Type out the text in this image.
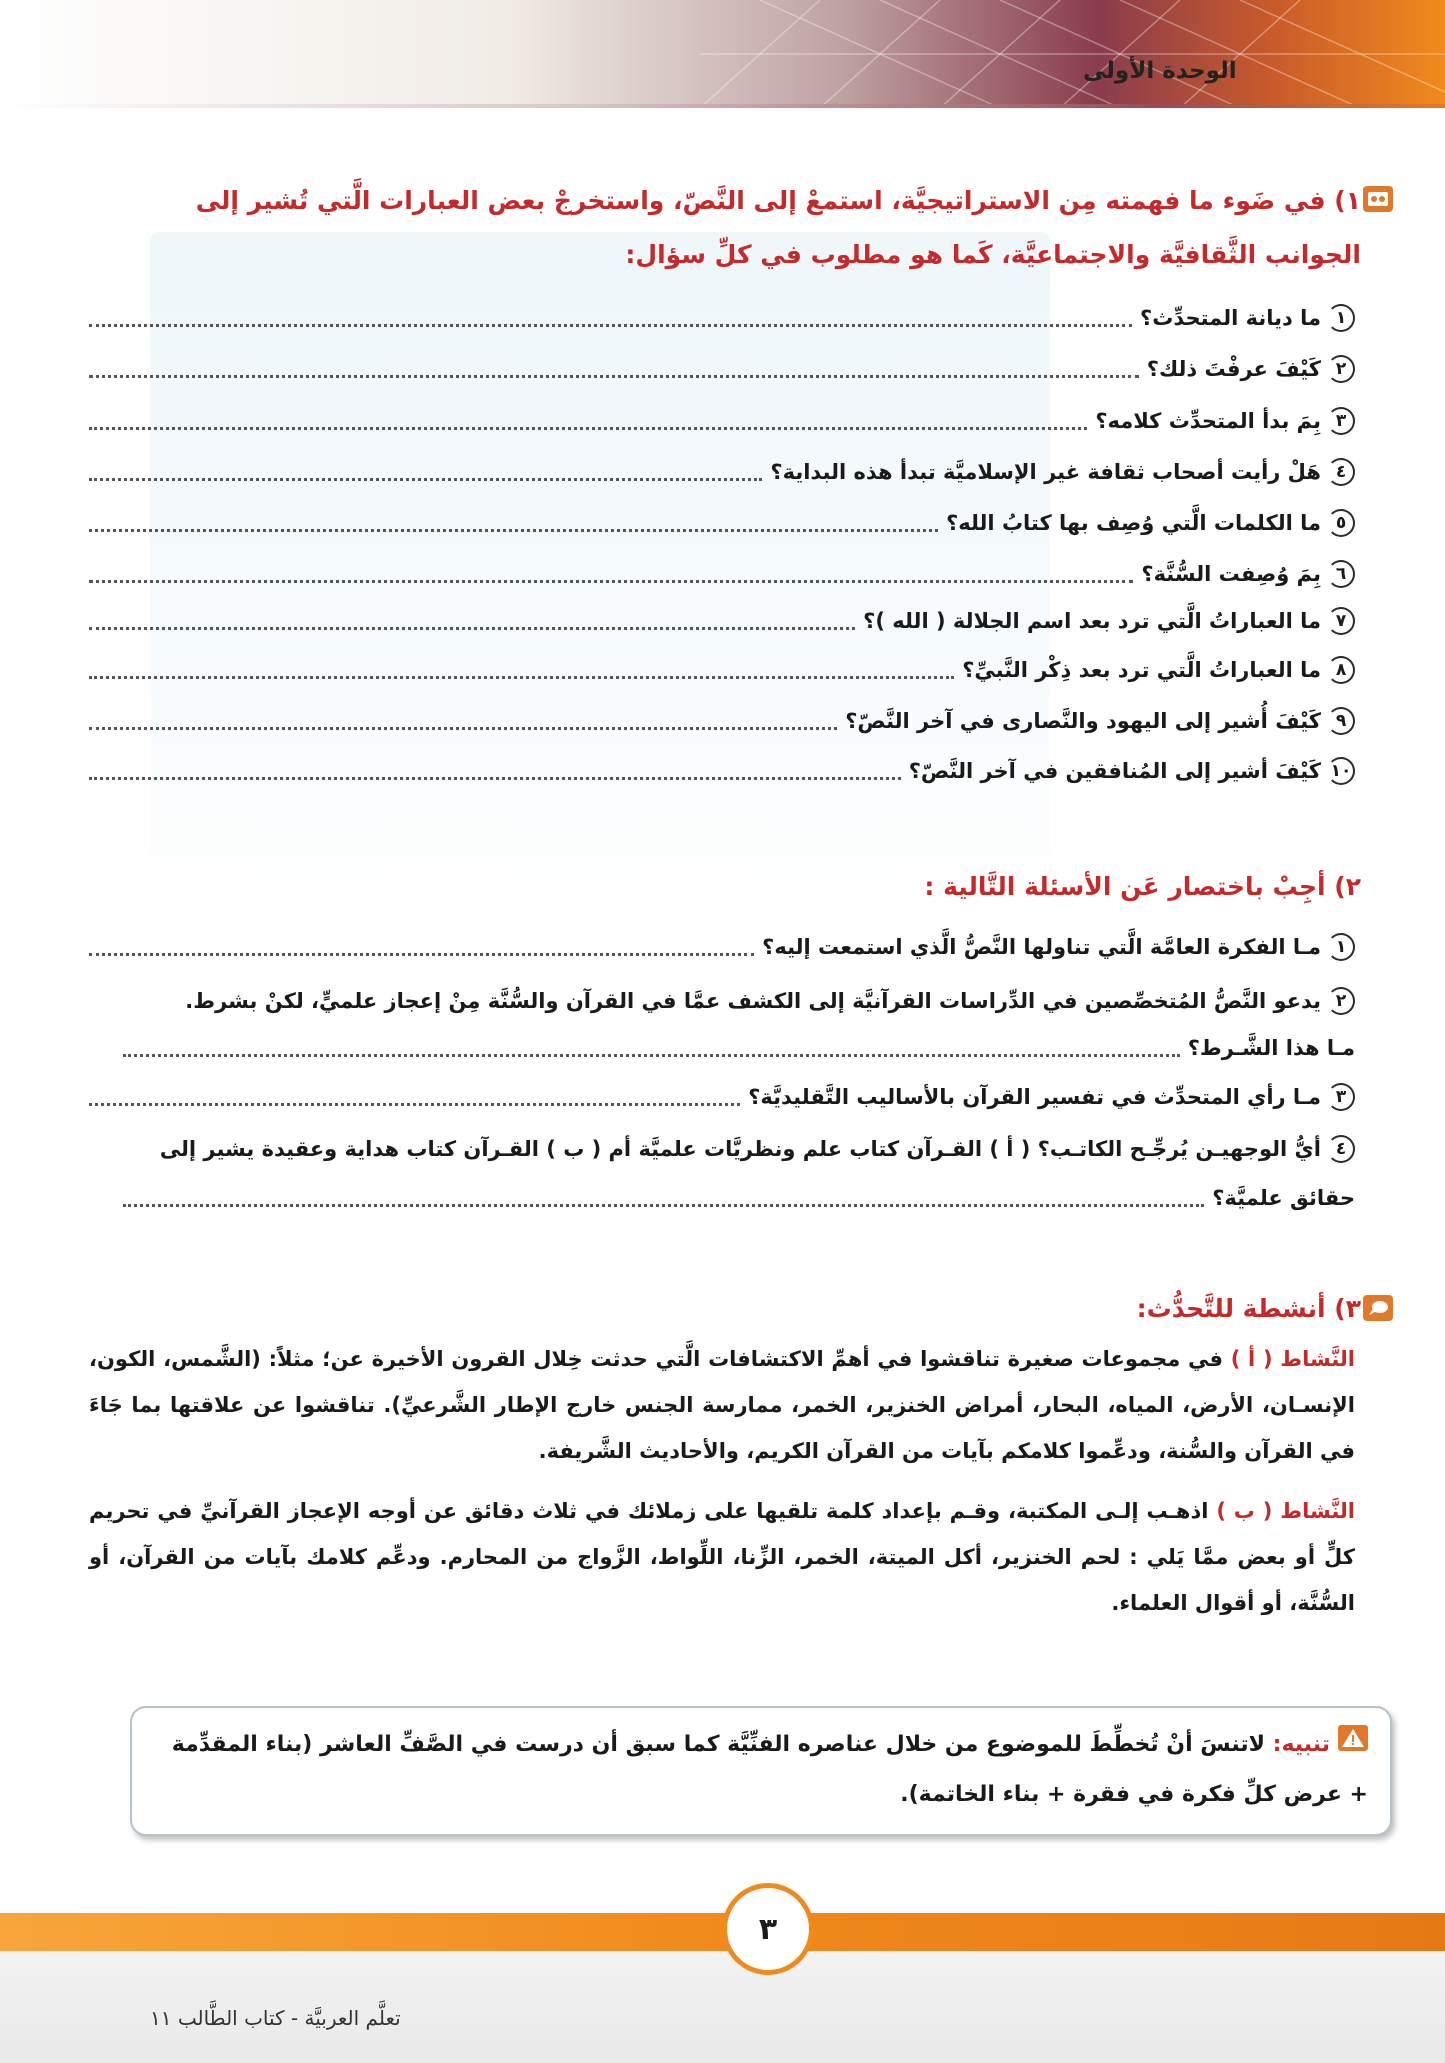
الوحدة الأولى
١) في ضَوء ما فهمته مِن الاستراتيجيَّة، استمعْ إلى النَّصّ، واستخرجْ بعض العبارات الَّتي تُشير إلى
الجوانب الثَّقافيَّة والاجتماعيَّة، كَما هو مطلوب في كلِّ سؤال:
١
ما ديانة المتحدِّث؟
٢
كَيْفَ عرفْتَ ذلك؟
٣
بِمَ بدأ المتحدِّث كلامه؟
٤
هَلْ رأيت أصحاب ثقافة غير الإسلاميَّة تبدأ هذه البداية؟
٥
ما الكلمات الَّتي وُصِف بها كتابُ الله؟
٦
بِمَ وُصِفت السُّنَّة؟
٧
ما العباراتُ الَّتي ترد بعد اسم الجلالة ( الله )؟
٨
ما العباراتُ الَّتي ترد بعد ذِكْر النَّبيِّ؟
٩
كَيْفَ أُشير إلى اليهود والنَّصارى في آخر النَّصّ؟
١٠
كَيْفَ أشير إلى المُنافقين في آخر النَّصّ؟
٢) أجِبْ باختصار عَن الأسئلة التَّالية :
١
مـا الفكرة العامَّة الَّتي تناولها النَّصُّ الَّذي استمعت إليه؟
٢
يدعو النَّصُّ المُتخصِّصين في الدِّراسات القرآنيَّة إلى الكشف عمَّا في القرآن والسُّنَّة مِنْ إعجاز علميٍّ، لكنْ بشرط.
مـا هذا الشَّـرط؟
٣
مـا رأي المتحدِّث في تفسير القرآن بالأساليب التَّقليديَّة؟
٤
أيُّ الوجهيـن يُرجِّـح الكاتـب؟ ( أ ) القـرآن كتاب علم ونظريَّات علميَّة أم ( ب ) القـرآن كتاب هداية وعقيدة يشير إلى
حقائق علميَّة؟
٣) أنشطة للتَّحدُّث:
النَّشاط ( أ ) في مجموعات صغيرة تناقشوا في أهمِّ الاكتشافات الَّتي حدثت خِلال القرون الأخيرة عن؛ مثلاً: (الشَّمس، الكون، الإنسـان، الأرض، المياه، البحار، أمراض الخنزير، الخمر، ممارسة الجنس خارج الإطار الشَّرعيِّ). تناقشوا عن علاقتها بما جَاءَ في القرآن والسُّنة، ودعِّموا كلامكم بآيات من القرآن الكريم، والأحاديث الشَّريفة.
النَّشاط ( ب ) اذهـب إلـى المكتبة، وقـم بإعداد كلمة تلقيها على زملائك في ثلاث دقائق عن أوجه الإعجاز القرآنيِّ في تحريم كلٍّ أو بعض ممَّا يَلي : لحم الخنزير، أكل الميتة، الخمر، الزِّنا، اللِّواط، الزَّواج من المحارم. ودعِّم كلامك بآيات من القرآن، أو السُّنَّة، أو أقوال العلماء.
تنبيه: لاتنسَ أنْ تُخطِّطَ للموضوع من خلال عناصره الفنِّيَّة كما سبق أن درست في الصَّفِّ العاشر (بناء المقدِّمة + عرض كلِّ فكرة في فقرة + بناء الخاتمة).
٣
تعلَّم العربيَّة - كتاب الطَّالب ١١
